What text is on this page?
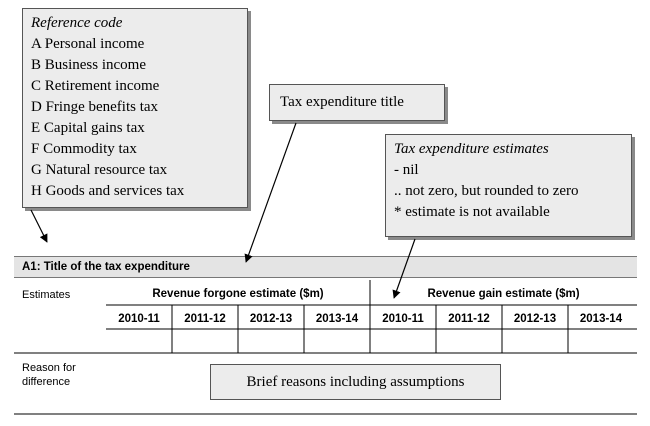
Reference code
A Personal income
B Business income
C Retirement income
D Fringe benefits tax
E Capital gains tax
F Commodity tax
G Natural resource tax
H Goods and services tax
Tax expenditure title
Tax expenditure estimates
- nil
.. not zero, but rounded to zero
* estimate is not available
A1: Title of the tax expenditure
Estimates
Reason for
difference
Revenue forgone estimate ($m)	Revenue gain estimate ($m)
2010-11	2011-12	2012-13	2013-14	2010-11	2011-12	2012-13	2013-14
Brief reasons including assumptions
